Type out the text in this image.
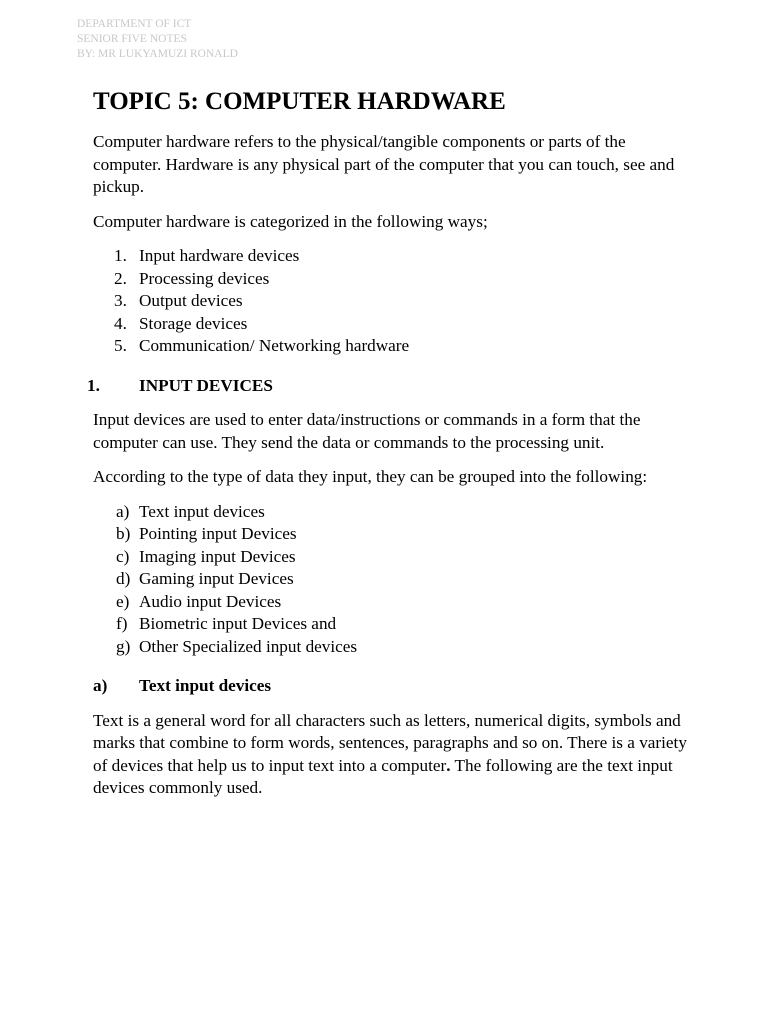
DEPARTMENT OF ICT
SENIOR FIVE NOTES
BY: MR LUKYAMUZI RONALD
TOPIC 5: COMPUTER HARDWARE

Computer hardware refers to the physical/tangible components or parts of the computer. Hardware is any physical part of the computer that you can touch, see and pickup.

Computer hardware is categorized in the following ways;

1. Input hardware devices
2. Processing devices
3. Output devices
4. Storage devices
5. Communication/ Networking hardware
1. INPUT DEVICES

Input devices are used to enter data/instructions or commands in a form that the computer can use. They send the data or commands to the processing unit.

According to the type of data they input, they can be grouped into the following:

a) Text input devices
b) Pointing input Devices
c) Imaging input Devices
d) Gaming input Devices
e) Audio input Devices
f) Biometric input Devices and
g) Other Specialized input devices
a) Text input devices

Text is a general word for all characters such as letters, numerical digits, symbols and marks that combine to form words, sentences, paragraphs and so on. There is a variety of devices that help us to input text into a computer. The following are the text input devices commonly used.
